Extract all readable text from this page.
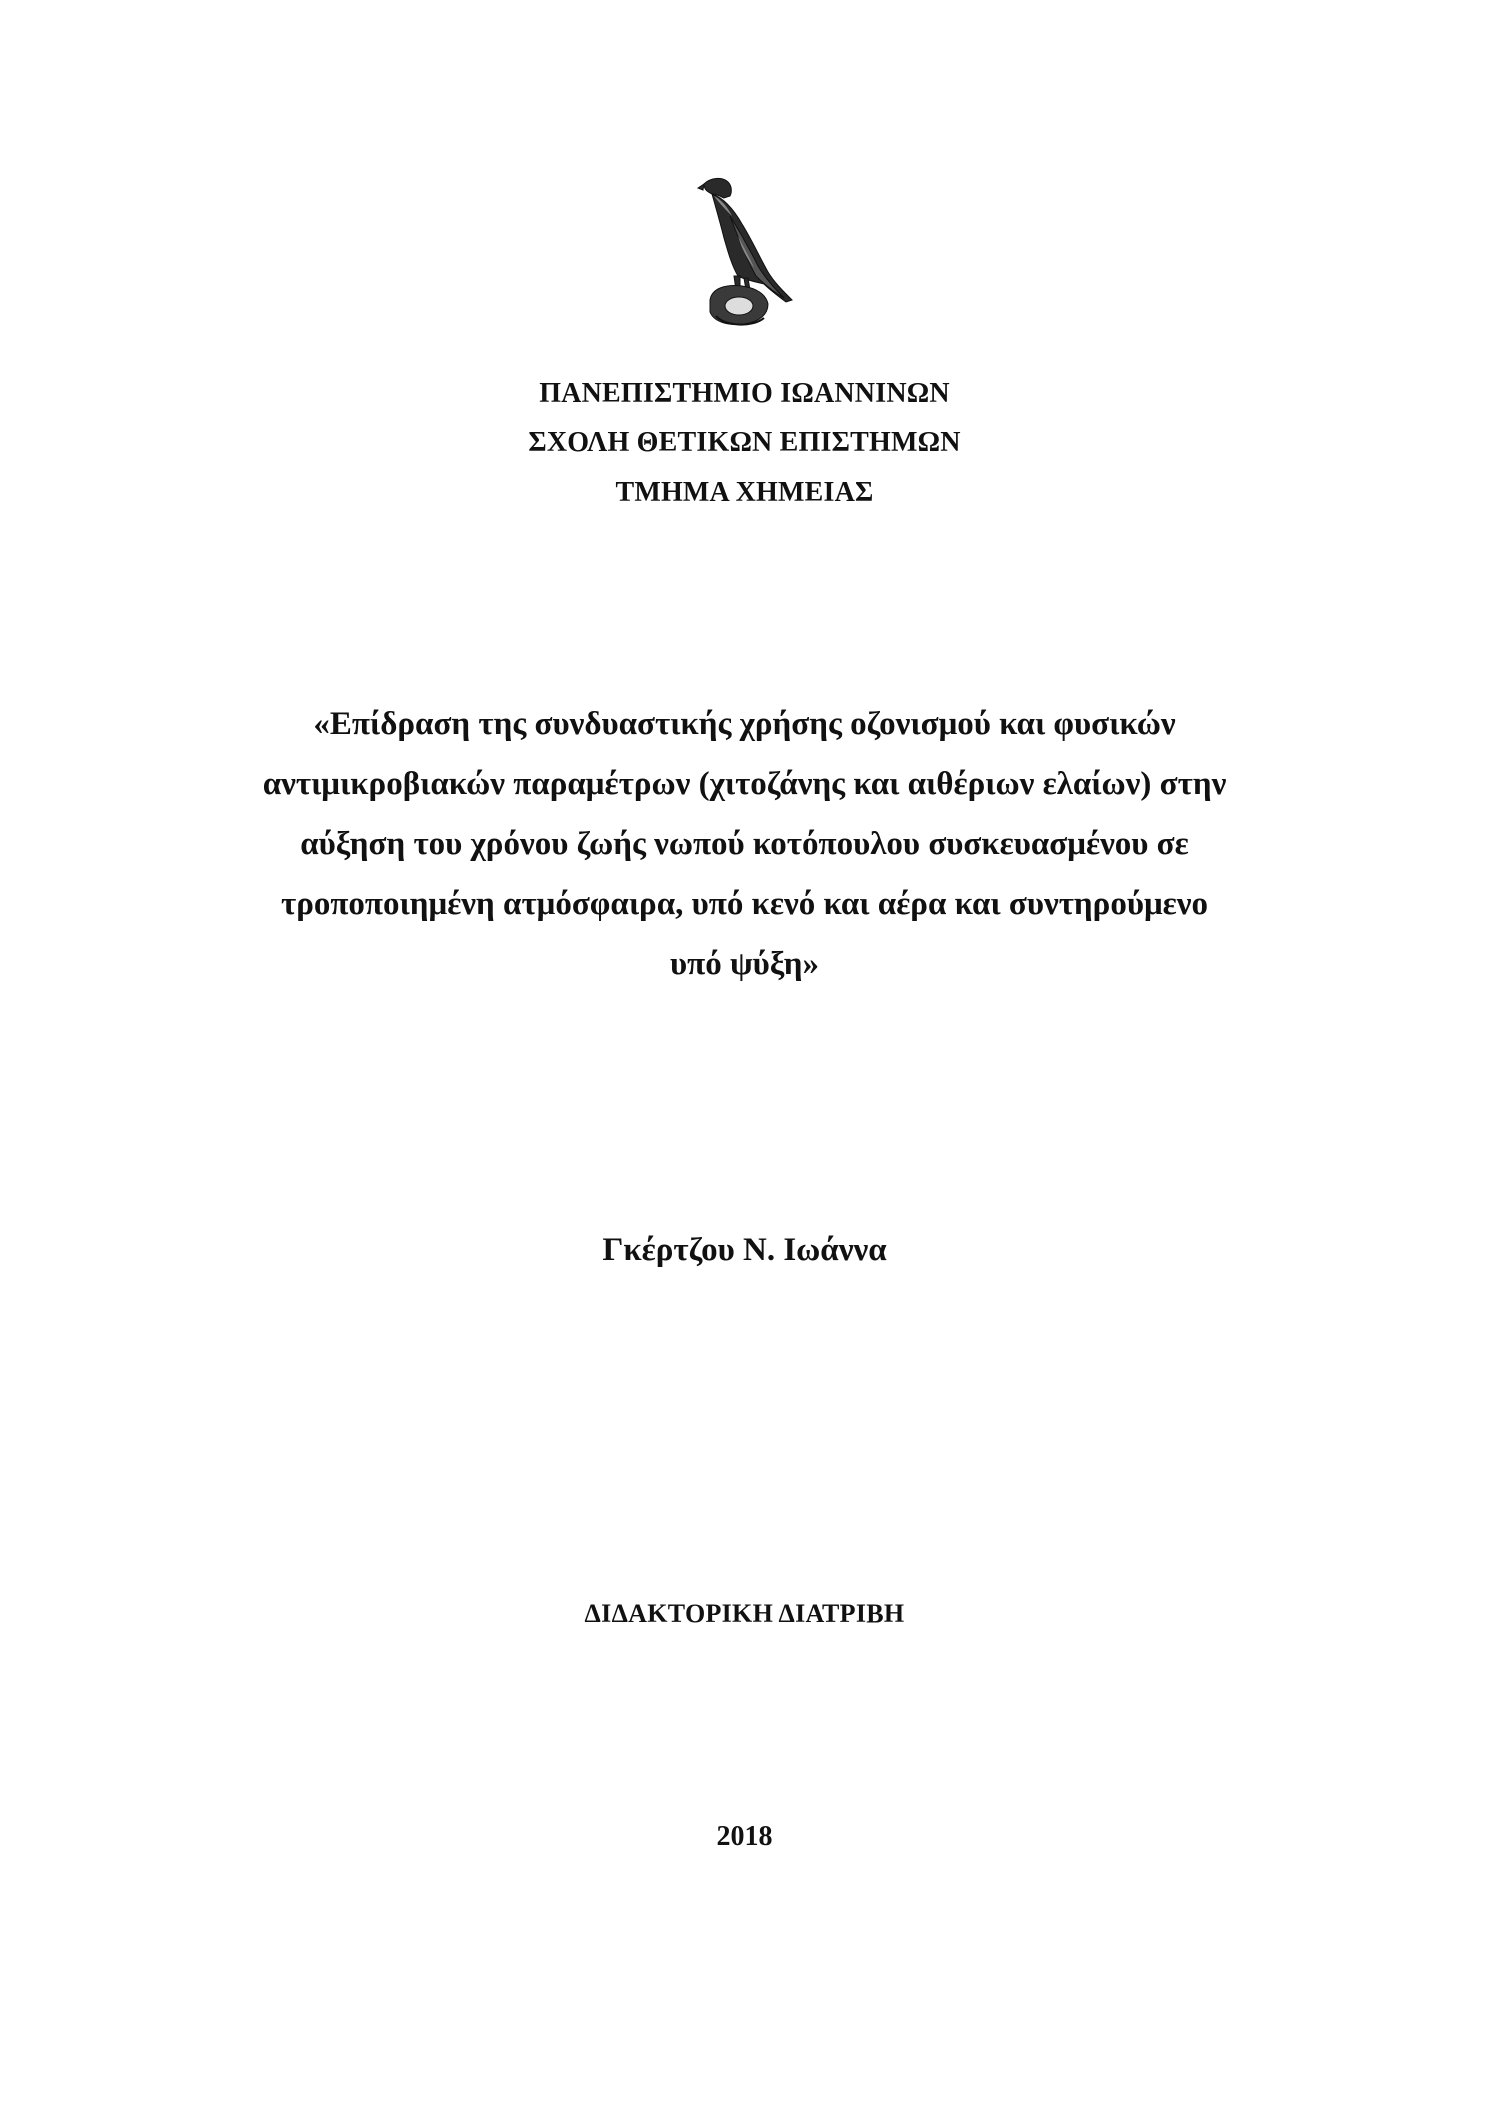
ΠΑΝΕΠΙΣΤΗΜΙΟ ΙΩΑΝΝΙΝΩΝ
ΣΧΟΛΗ ΘΕΤΙΚΩΝ ΕΠΙΣΤΗΜΩΝ
ΤΜΗΜΑ ΧΗΜΕΙΑΣ
«Επίδραση της συνδυαστικής χρήσης οζονισμού και φυσικών
αντιμικροβιακών παραμέτρων (χιτοζάνης και αιθέριων ελαίων) στην
αύξηση του χρόνου ζωής νωπού κοτόπουλου συσκευασμένου σε
τροποποιημένη ατμόσφαιρα, υπό κενό και αέρα και συντηρούμενο
υπό ψύξη»
Γκέρτζου Ν. Ιωάννα
ΔΙΔΑΚΤΟΡΙΚΗ ΔΙΑΤΡΙΒΗ
2018
